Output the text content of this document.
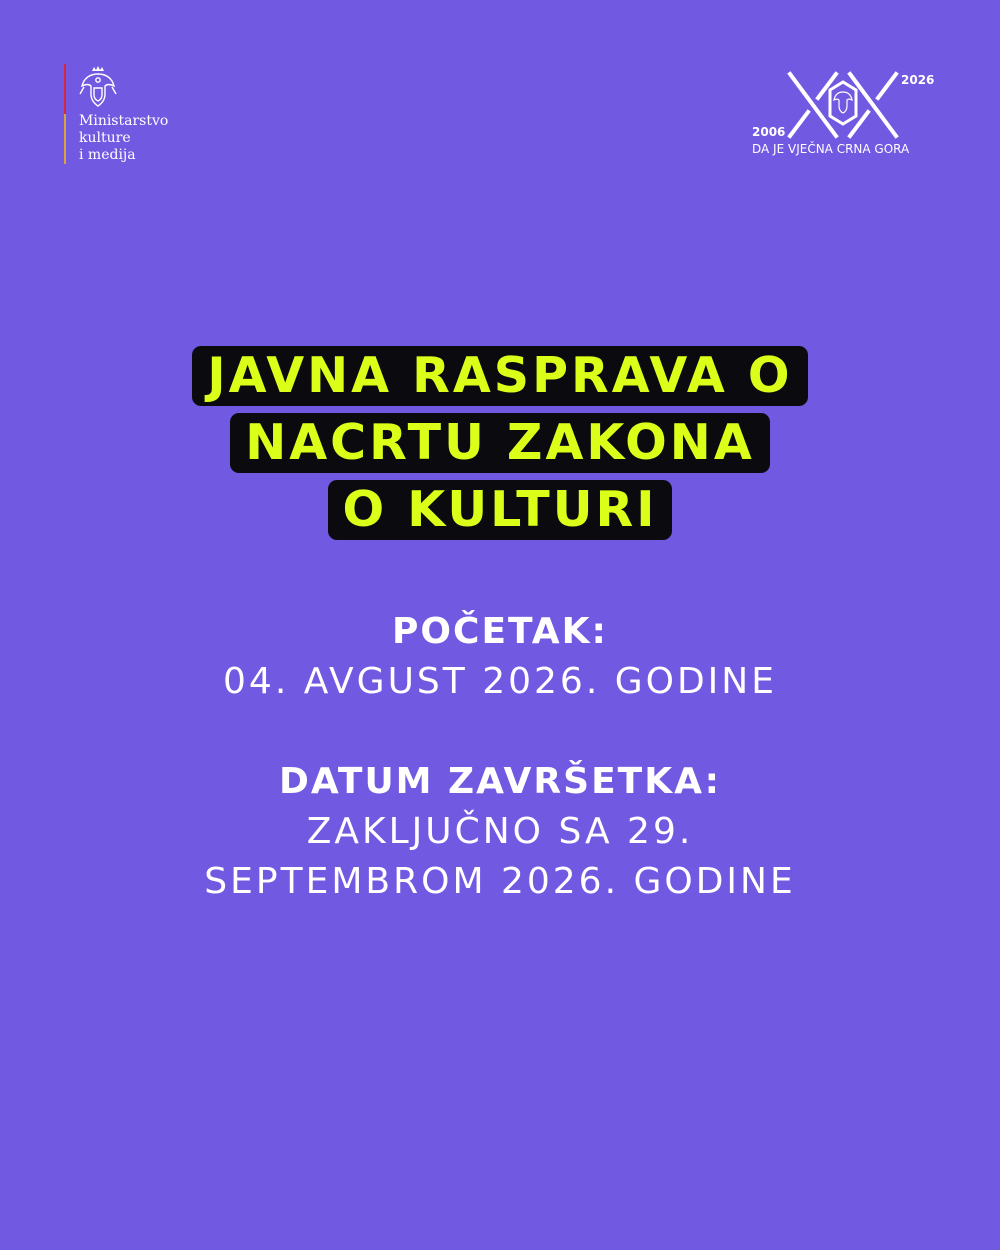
Ministarstvo
kulture
i medija
2006
2026
DA JE VJEČNA CRNA GORA
JAVNA RASPRAVA O
NACRTU ZAKONA
O KULTURI
POČETAK:
04. AVGUST 2026. GODINE
DATUM ZAVRŠETKA:
ZAKLJUČNO SA 29.
SEPTEMBROM 2026. GODINE
